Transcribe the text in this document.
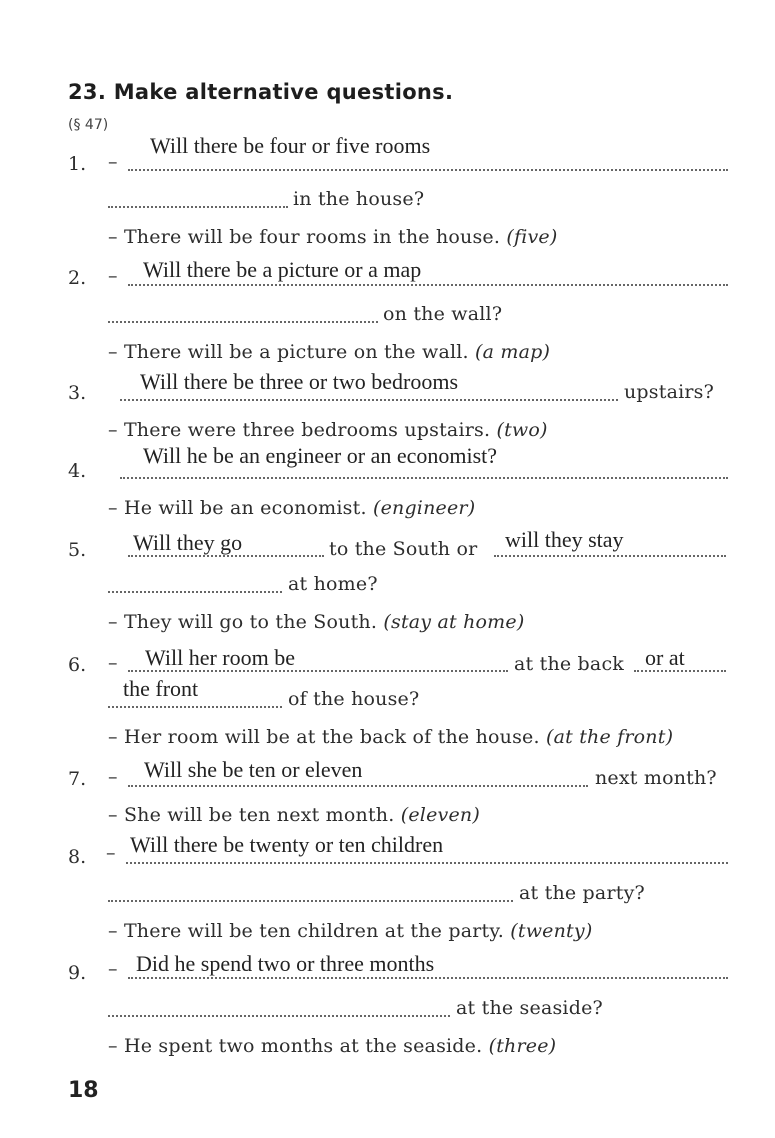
23. Make alternative questions.
(§ 47)
Will there be four or five rooms
1. –
in the house?
– There will be four rooms in the house. (five)
Will there be a picture or a map
2. –
on the wall?
– There will be a picture on the wall. (a map)
Will there be three or two bedrooms
3.	upstairs?
– There were three bedrooms upstairs. (two)
Will he be an engineer or an economist?
4.
– He will be an economist. (engineer)
Will they go	will they stay
5.	to the South or
at home?
– They will go to the South. (stay at home)
Will her room be	or at
6. –	at the back
the front	of the house?
– Her room will be at the back of the house. (at the front)
Will she be ten or eleven
7. –	next month?
– She will be ten next month. (eleven)
Will there be twenty or ten children
8. –
at the party?
– There will be ten children at the party. (twenty)
Did he spend two or three months
9. –
at the seaside?
– He spent two months at the seaside. (three)
18
